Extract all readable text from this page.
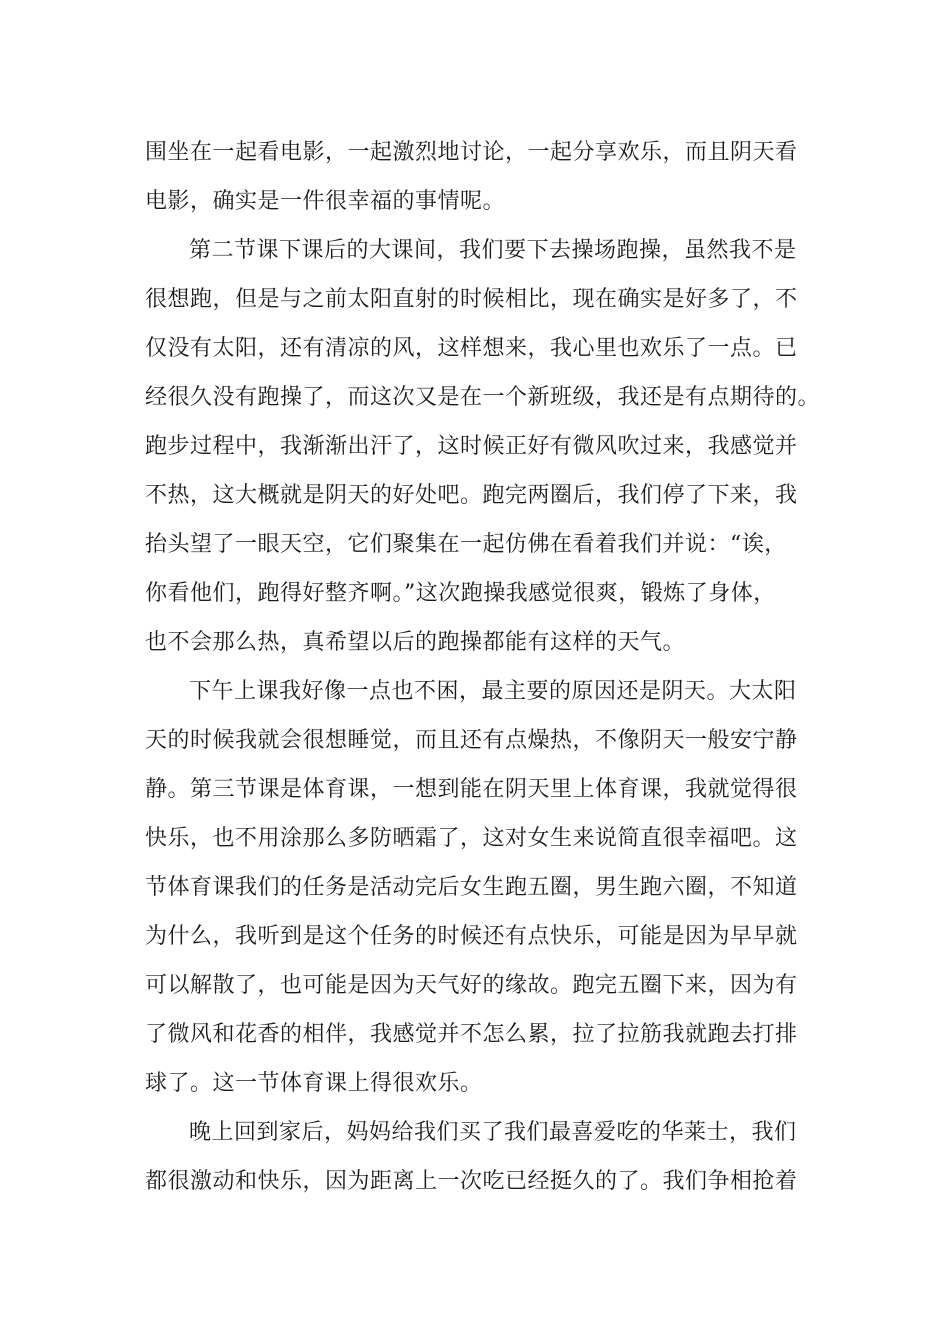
围坐在一起看电影，一起激烈地讨论，一起分享欢乐，而且阴天看
电影，确实是一件很幸福的事情呢。
第二节课下课后的大课间，我们要下去操场跑操，虽然我不是
很想跑，但是与之前太阳直射的时候相比，现在确实是好多了，不
仅没有太阳，还有清凉的风，这样想来，我心里也欢乐了一点。已
经很久没有跑操了，而这次又是在一个新班级，我还是有点期待的。
跑步过程中，我渐渐出汗了，这时候正好有微风吹过来，我感觉并
不热，这大概就是阴天的好处吧。跑完两圈后，我们停了下来，我
抬头望了一眼天空，它们聚集在一起仿佛在看着我们并说：“诶，
你看他们，跑得好整齐啊。”这次跑操我感觉很爽，锻炼了身体，
也不会那么热，真希望以后的跑操都能有这样的天气。
下午上课我好像一点也不困，最主要的原因还是阴天。大太阳
天的时候我就会很想睡觉，而且还有点燥热，不像阴天一般安宁静
静。第三节课是体育课，一想到能在阴天里上体育课，我就觉得很
快乐，也不用涂那么多防晒霜了，这对女生来说简直很幸福吧。这
节体育课我们的任务是活动完后女生跑五圈，男生跑六圈，不知道
为什么，我听到是这个任务的时候还有点快乐，可能是因为早早就
可以解散了，也可能是因为天气好的缘故。跑完五圈下来，因为有
了微风和花香的相伴，我感觉并不怎么累，拉了拉筋我就跑去打排
球了。这一节体育课上得很欢乐。
晚上回到家后，妈妈给我们买了我们最喜爱吃的华莱士，我们
都很激动和快乐，因为距离上一次吃已经挺久的了。我们争相抢着
